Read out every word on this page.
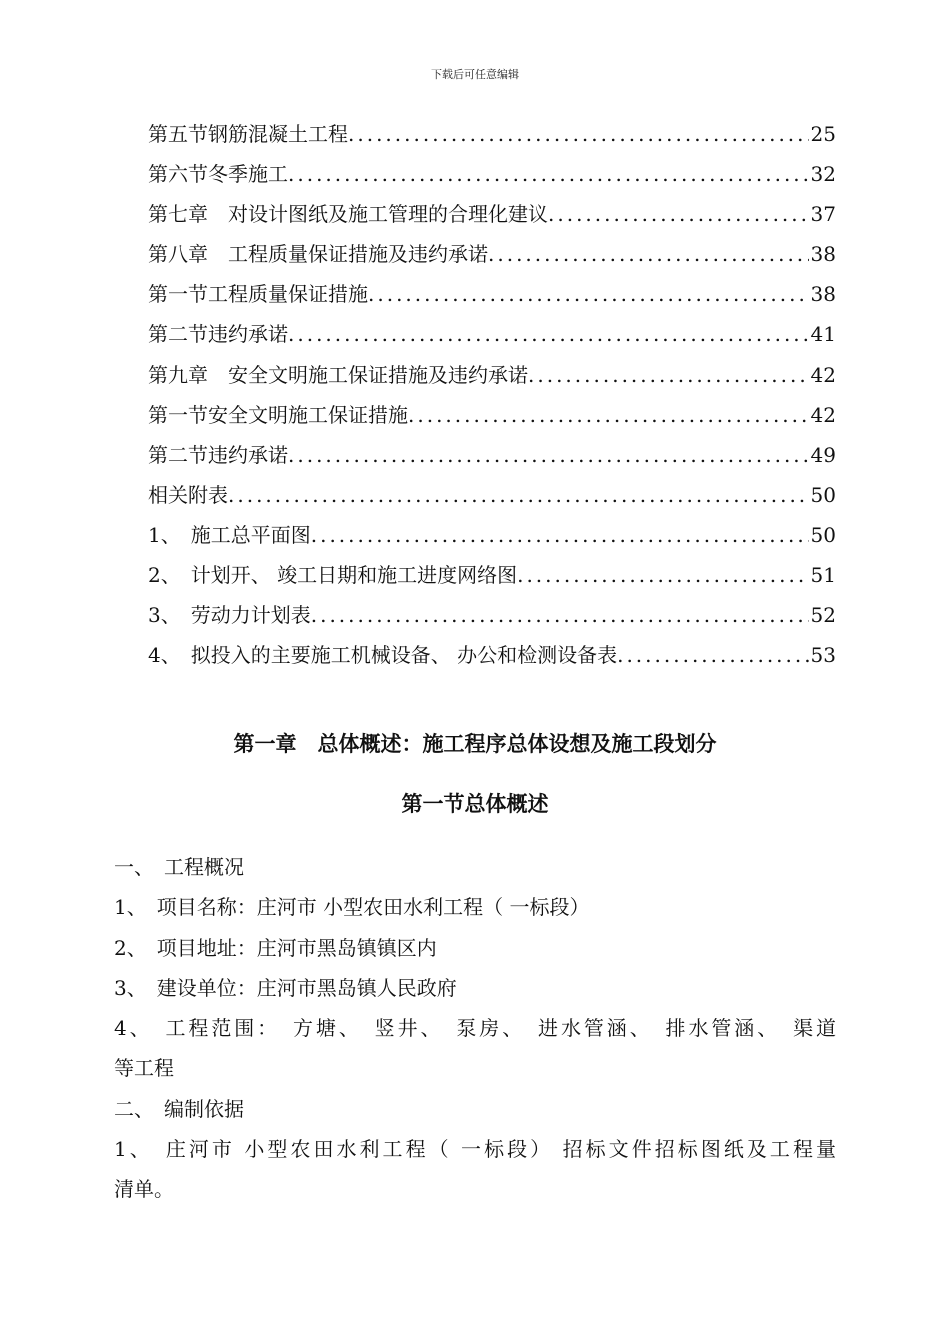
下载后可任意编辑
第五节钢筋混凝土工程 .....	25
第六节冬季施工 .....	32
第七章　对设计图纸及施工管理的合理化建议 .....	37
第八章　工程质量保证措施及违约承诺 .....	38
第一节工程质量保证措施 .....	38
第二节违约承诺 .....	41
第九章　安全文明施工保证措施及违约承诺 .....	42
第一节安全文明施工保证措施 .....	42
第二节违约承诺 .....	49
相关附表 .....	50
1、　施工总平面图 .....	50
2、　计划开、 竣工日期和施工进度网络图 .....	51
3、　劳动力计划表 .....	52
4、　拟投入的主要施工机械设备、 办公和检测设备表 .....	53
第一章　总体概述：施工程序总体设想及施工段划分
第一节总体概述
一、　工程概况
1、　项目名称：庄河市 小型农田水利工程（ 一标段）
2、　项目地址：庄河市黑岛镇镇区内
3、　建设单位：庄河市黑岛镇人民政府
4、　工程范围：　方塘、　竖井、　泵房、　进水管涵、　排水管涵、　渠道
等工程
二、　编制依据
1、　庄河市 小型农田水利工程（ 一标段） 招标文件招标图纸及工程量
清单。
